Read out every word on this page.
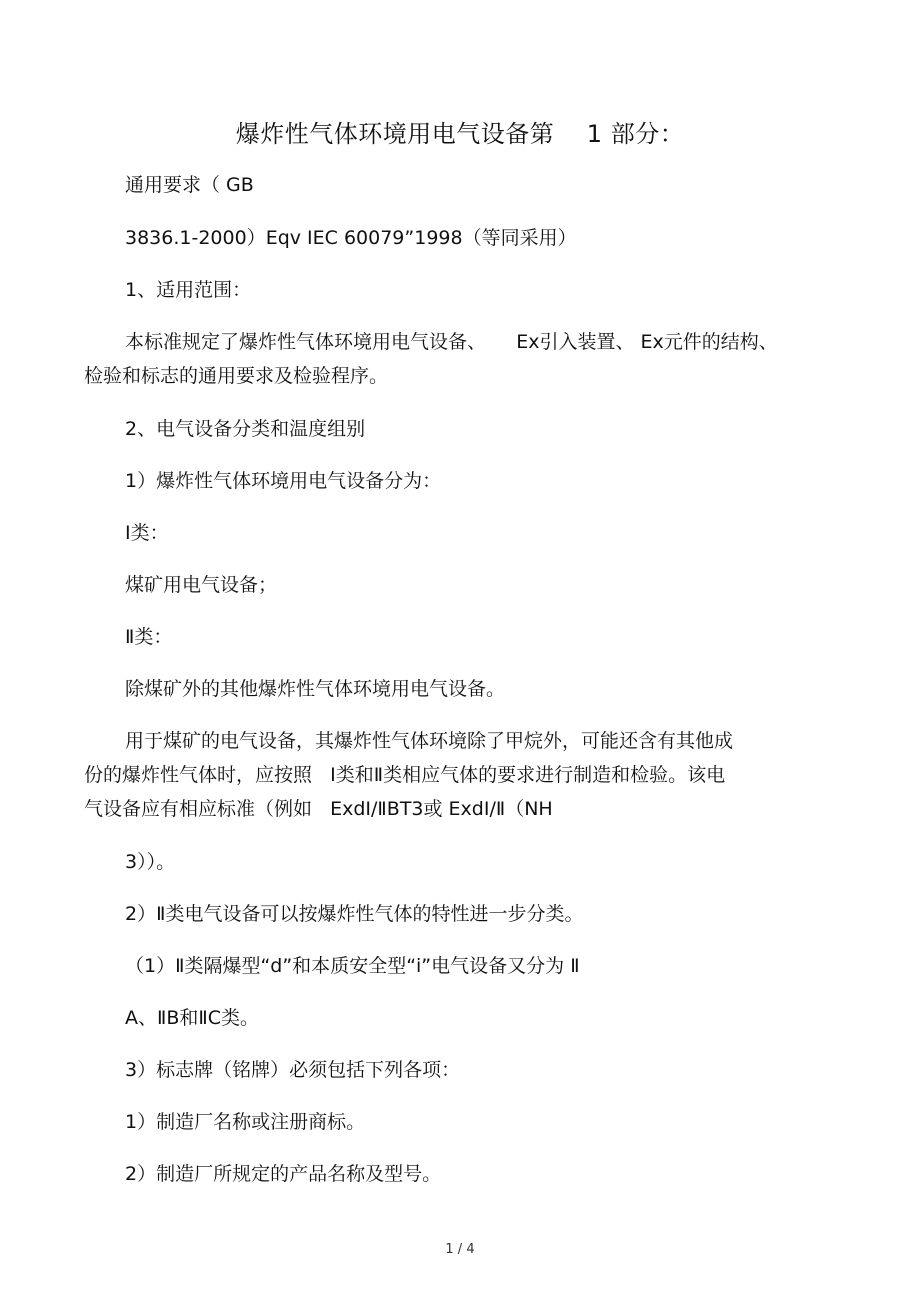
爆炸性气体环境用电气设备第    1 部分：
通用要求（ GB
3836.1-2000）Eqv IEC 60079”1998（等同采用）
1、适用范围：
本标准规定了爆炸性气体环境用电气设备、     Ex引入装置、 Ex元件的结构、
检验和标志的通用要求及检验程序。
2、电气设备分类和温度组别
1）爆炸性气体环境用电气设备分为：
Ⅰ类：
煤矿用电气设备；
Ⅱ类：
除煤矿外的其他爆炸性气体环境用电气设备。
用于煤矿的电气设备，其爆炸性气体环境除了甲烷外，可能还含有其他成
份的爆炸性气体时，应按照   Ⅰ类和Ⅱ类相应气体的要求进行制造和检验。该电
气设备应有相应标准（例如   ExdⅠ/ⅡBT3或 ExdⅠ/Ⅱ（NH
3））。
2）Ⅱ类电气设备可以按爆炸性气体的特性进一步分类。
（1）Ⅱ类隔爆型“d”和本质安全型“i”电气设备又分为 Ⅱ
A、ⅡB和ⅡC类。
3）标志牌（铭牌）必须包括下列各项：
1）制造厂名称或注册商标。
2）制造厂所规定的产品名称及型号。
1 / 4
